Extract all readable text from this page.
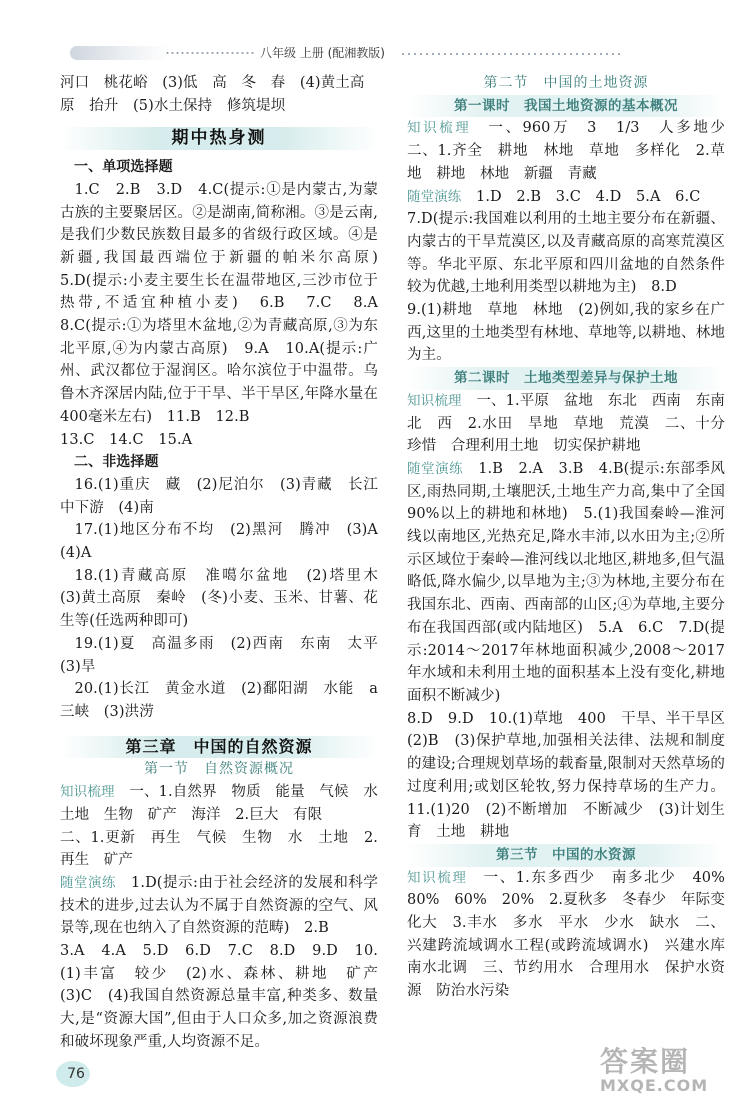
八年级 上册 (配湘教版)

河口　桃花峪　(3)低　高　冬　春　(4)黄土高

原　抬升　(5)水土保持　修筑堤坝

期中热身测

一、单项选择题

1.C　2.B　3.D　4.C(提示:①是内蒙古,为蒙古族的主要聚居区。②是湖南,简称湘。③是云南,是我们少数民族数目最多的省级行政区域。④是新疆,我国最西端位于新疆的帕米尔高原)　5.D(提示:小麦主要生长在温带地区,三沙市位于热带,不适宜种植小麦)　6.B　7.C　8.A　8.C(提示:①为塔里木盆地,②为青藏高原,③为东北平原,④为内蒙古高原)　9.A　10.A(提示:广州、武汉都位于湿润区。哈尔滨位于中温带。乌鲁木齐深居内陆,位于干旱、半干旱区,年降水量在400毫米左右)　11.B　12.B

13.C　14.C　15.A

二、非选择题

16.(1)重庆　藏　(2)尼泊尔　(3)青藏　长江中下游　(4)南

17.(1)地区分布不均　(2)黑河　腾冲　(3)A　(4)A

18.(1)青藏高原　准噶尔盆地　(2)塔里木　(3)黄土高原　秦岭　(冬)小麦、玉米、甘薯、花生等(任选两种即可)

19.(1)夏　高温多雨　(2)西南　东南　太平　(3)旱

20.(1)长江　黄金水道　(2)鄱阳湖　水能　a 三峡　(3)洪涝

第三章　中国的自然资源
第一节　自然资源概况

知识梳理　 一、1.自然界　物质　能量　气候　水　土地　生物　矿产　海洋　2.巨大　有限

二、1.更新　再生　气候　生物　水　土地　2.再生　矿产

随堂演练　 1.D(提示:由于社会经济的发展和科学技术的进步,过去认为不属于自然资源的空气、风景等,现在也纳入了自然资源的范畴)　2.B

3.A　4.A　5.D　6.D　7.C　8.D　9.D　10.(1)丰富　较少　(2)水、森林、耕地　矿产　(3)C　(4)我国自然资源总量丰富,种类多、数量大,是“资源大国”,但由于人口众多,加之资源浪费和破坏现象严重,人均资源不足。

第二节　中国的土地资源
第一课时　我国土地资源的基本概况

知识梳理　 一、960万　3　1/3　人多地少　二、1.齐全　耕地　林地　草地　多样化　2.草地　耕地　林地　新疆　青藏

随堂演练　 1.D　2.B　3.C　4.D　5.A　6.C

7.D(提示:我国难以利用的土地主要分布在新疆、内蒙古的干旱荒漠区,以及青藏高原的高寒荒漠区等。华北平原、东北平原和四川盆地的自然条件较为优越,土地利用类型以耕地为主)　8.D

9.(1)耕地　草地　林地　(2)例如,我的家乡在广西,这里的土地类型有林地、草地等,以耕地、林地为主。

第二课时　土地类型差异与保护土地

知识梳理　 一、1.平原　盆地　东北　西南　东南　北　西　2.水田　旱地　草地　荒漠　二、十分珍惜　合理利用土地　切实保护耕地

随堂演练　 1.B　2.A　3.B　4.B(提示:东部季风区,雨热同期,土壤肥沃,土地生产力高,集中了全国90%以上的耕地和林地)　5.(1)我国秦岭—淮河线以南地区,光热充足,降水丰沛,以水田为主;②所示区域位于秦岭—淮河线以北地区,耕地多,但气温略低,降水偏少,以旱地为主;③为林地,主要分布在我国东北、西南、西南部的山区;④为草地,主要分布在我国西部(或内陆地区)　5.A　6.C　7.D(提示:2014～2017年林地面积减少,2008～2017年水域和未利用土地的面积基本上没有变化,耕地面积不断减少)

8.D　9.D　10.(1)草地　400　干旱、半干旱区　(2)B　(3)保护草地,加强相关法律、法规和制度的建设;合理规划草场的载畜量,限制对天然草场的过度利用;或划区轮牧,努力保持草场的生产力。11.(1)20　(2)不断增加　不断减少　(3)计划生育　土地　耕地

第三节　中国的水资源

知识梳理　 一、1.东多西少　南多北少　40%　80%　60%　20%　2.夏秋多　冬春少　年际变化大　3.丰水　多水　平水　少水　缺水　二、兴建跨流域调水工程(或跨流域调水)　兴建水库　南水北调　三、节约用水　合理用水　保护水资源　防治水污染

76	答案圈
MXQE.COM
